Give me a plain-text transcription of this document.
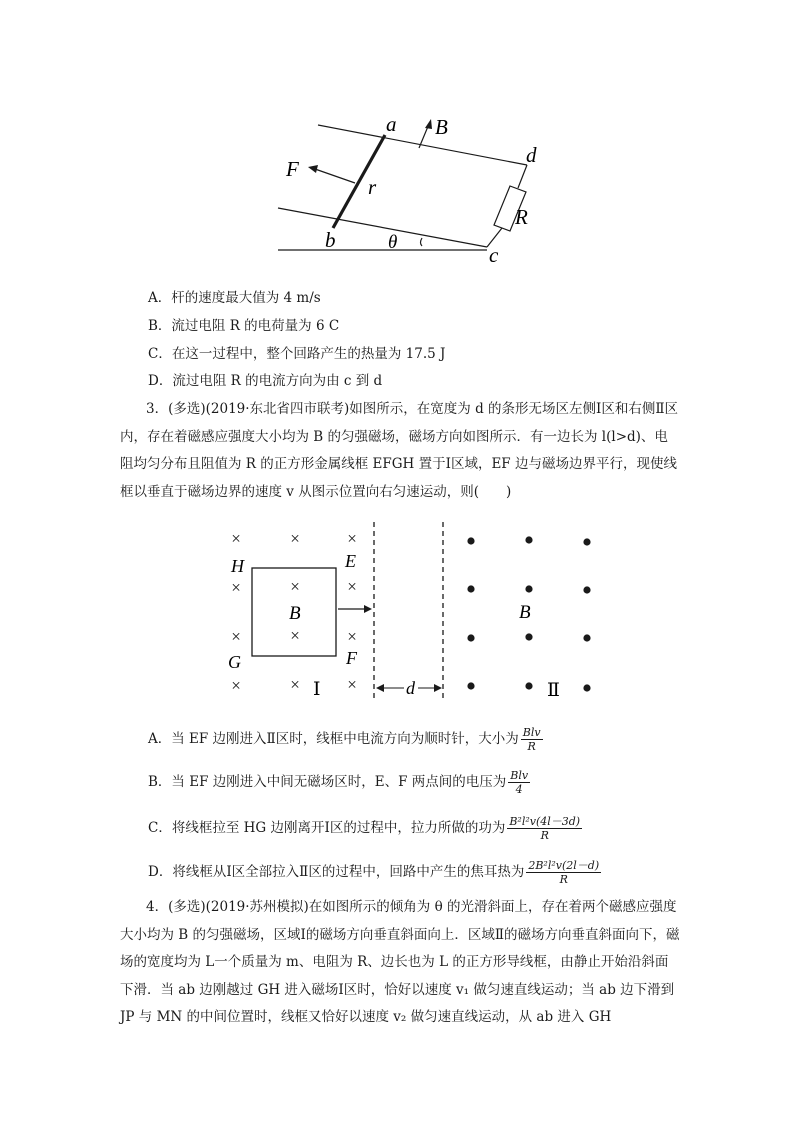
a
b
c
d
B
F
r
R
θ
A．杆的速度最大值为 4 m/s
B．流过电阻 R 的电荷量为 6 C
C．在这一过程中，整个回路产生的热量为 17.5 J
D．流过电阻 R 的电流方向为由 c 到 d
3．(多选)(2019·东北省四市联考)如图所示，在宽度为 d 的条形无场区左侧Ⅰ区和右侧Ⅱ区内，存在着磁感应强度大小均为 B 的匀强磁场，磁场方向如图所示．有一边长为 l(l>d)、电阻均匀分布且阻值为 R 的正方形金属线框 EFGH 置于Ⅰ区域，EF 边与磁场边界平行，现使线框以垂直于磁场边界的速度 v 从图示位置向右匀速运动，则(　　)
×	×	×
×	×	×
×	×	×
×	×	×
H	E
G	F
B	B
Ⅰ	Ⅱ
d
A．当 EF 边刚进入Ⅱ区时，线框中电流方向为顺时针，大小为 $\frac{\text{Blv}}{R}$
B．当 EF 边刚进入中间无磁场区时，E、F 两点间的电压为 $\frac{\text{Blv}}{4}$
C．将线框拉至 HG 边刚离开Ⅰ区的过程中，拉力所做的功为 $\frac{\text{B²l²v(4l－3d)}}{R}$
D．将线框从Ⅰ区全部拉入Ⅱ区的过程中，回路中产生的焦耳热为 $\frac{\text{2B²l²v(2l－d)}}{R}$
4．(多选)(2019·苏州模拟)在如图所示的倾角为 θ 的光滑斜面上，存在着两个磁感应强度大小均为 B 的匀强磁场，区域Ⅰ的磁场方向垂直斜面向上．区域Ⅱ的磁场方向垂直斜面向下，磁场的宽度均为 L一个质量为 m、电阻为 R、边长也为 L 的正方形导线框，由静止开始沿斜面下滑．当 ab 边刚越过 GH 进入磁场Ⅰ区时，恰好以速度 v₁ 做匀速直线运动；当 ab 边下滑到 JP 与 MN 的中间位置时，线框又恰好以速度 v₂ 做匀速直线运动，从 ab 进入 GH
